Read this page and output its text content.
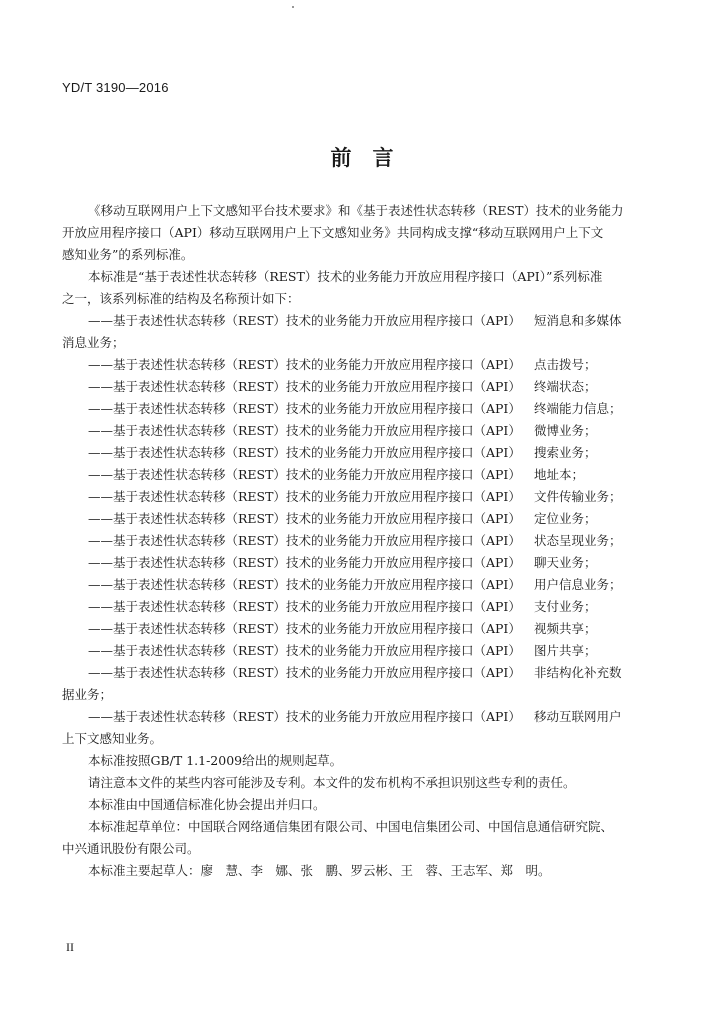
YD/T 3190—2016
前　言

《移动互联网用户上下文感知平台技术要求》和《基于表述性状态转移（REST）技术的业务能力

开放应用程序接口（API）移动互联网用户上下文感知业务》共同构成支撑“移动互联网用户上下文

感知业务”的系列标准。

本标准是“基于表述性状态转移（REST）技术的业务能力开放应用程序接口（API）”系列标准

之一，该系列标准的结构及名称预计如下：

——基于表述性状态转移（REST）技术的业务能力开放应用程序接口（API）	短消息和多媒体

消息业务；

——基于表述性状态转移（REST）技术的业务能力开放应用程序接口（API）	点击拨号；
——基于表述性状态转移（REST）技术的业务能力开放应用程序接口（API）	终端状态；
——基于表述性状态转移（REST）技术的业务能力开放应用程序接口（API）	终端能力信息；
——基于表述性状态转移（REST）技术的业务能力开放应用程序接口（API）	微博业务；
——基于表述性状态转移（REST）技术的业务能力开放应用程序接口（API）	搜索业务；
——基于表述性状态转移（REST）技术的业务能力开放应用程序接口（API）	地址本；
——基于表述性状态转移（REST）技术的业务能力开放应用程序接口（API）	文件传输业务；
——基于表述性状态转移（REST）技术的业务能力开放应用程序接口（API）	定位业务；
——基于表述性状态转移（REST）技术的业务能力开放应用程序接口（API）	状态呈现业务；
——基于表述性状态转移（REST）技术的业务能力开放应用程序接口（API）	聊天业务；
——基于表述性状态转移（REST）技术的业务能力开放应用程序接口（API）	用户信息业务；
——基于表述性状态转移（REST）技术的业务能力开放应用程序接口（API）	支付业务；
——基于表述性状态转移（REST）技术的业务能力开放应用程序接口（API）	视频共享；
——基于表述性状态转移（REST）技术的业务能力开放应用程序接口（API）	图片共享；
——基于表述性状态转移（REST）技术的业务能力开放应用程序接口（API）	非结构化补充数

据业务；

——基于表述性状态转移（REST）技术的业务能力开放应用程序接口（API）	移动互联网用户

上下文感知业务。

本标准按照GB/T 1.1-2009给出的规则起草。

请注意本文件的某些内容可能涉及专利。本文件的发布机构不承担识别这些专利的责任。

本标准由中国通信标准化协会提出并归口。

本标准起草单位：中国联合网络通信集团有限公司、中国电信集团公司、中国信息通信研究院、

中兴通讯股份有限公司。

本标准主要起草人：廖　慧、李　娜、张　鹏、罗云彬、王　蓉、王志军、郑　明。

II
